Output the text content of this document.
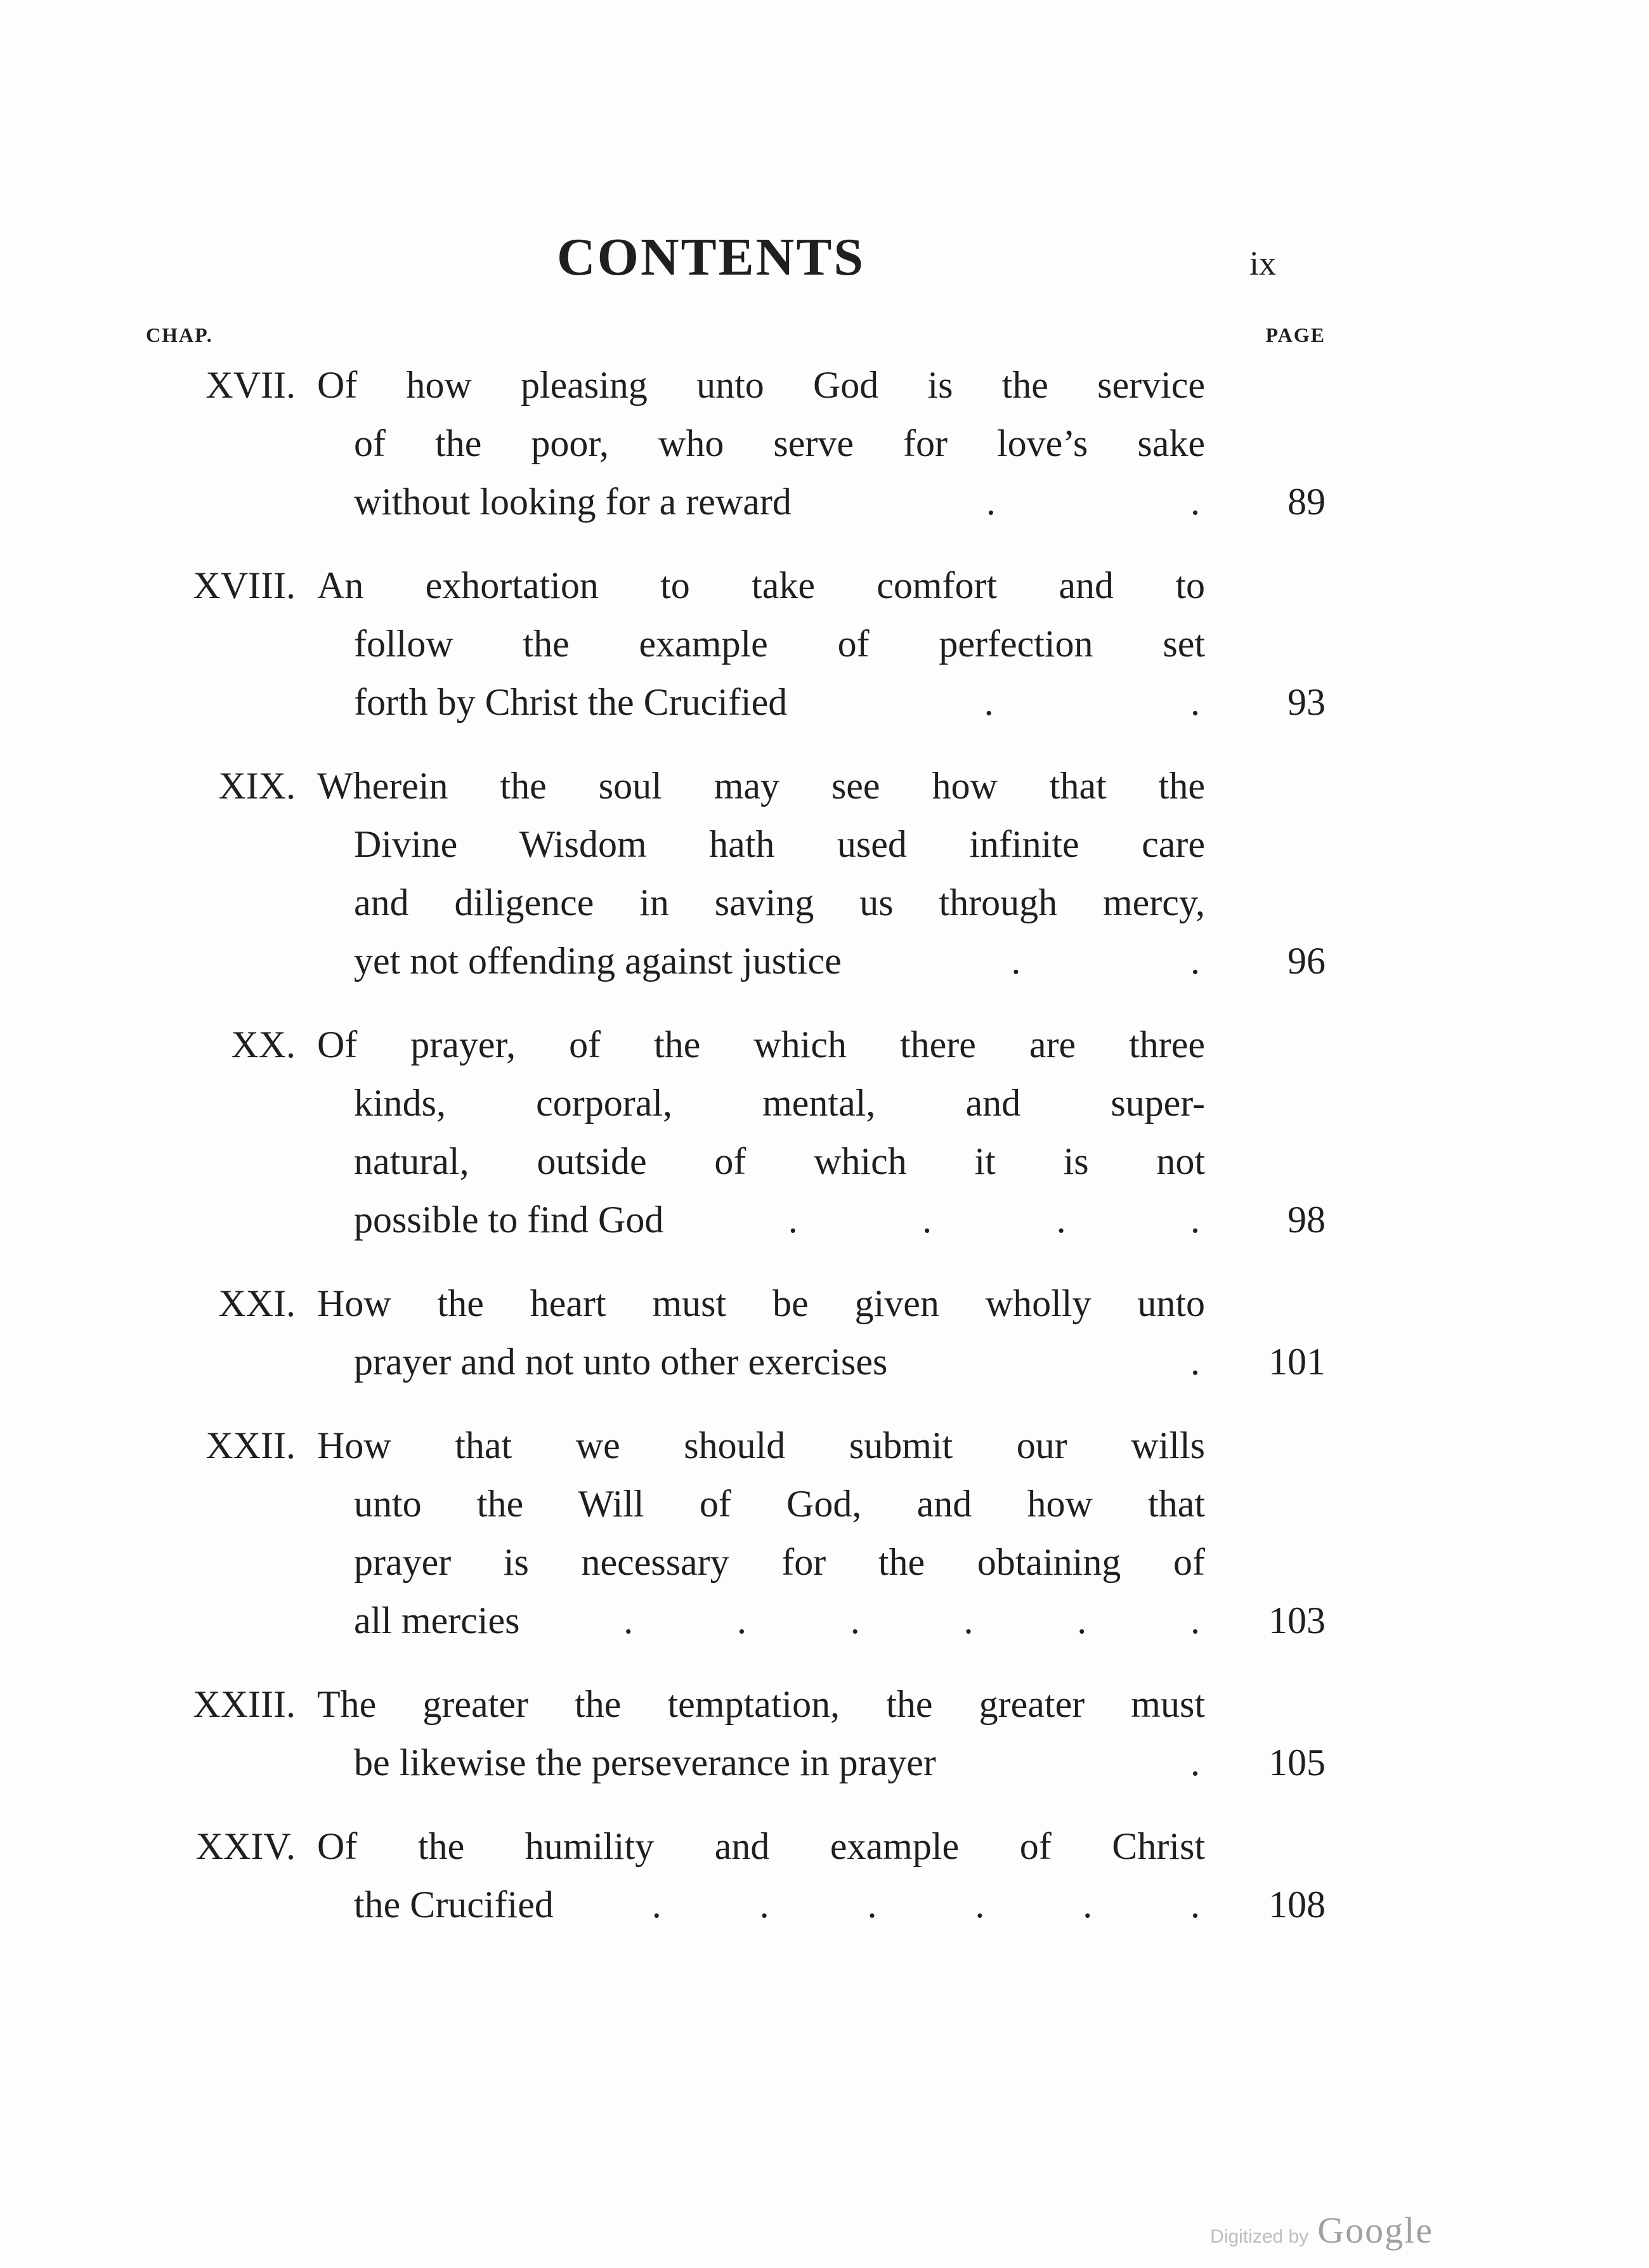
CONTENTS	ix
CHAP.	PAGE
XVII. Of how pleasing unto God is the service
of the poor, who serve for love’s sake
without looking for a reward	.	.	89
XVIII. An exhortation to take comfort and to
follow the example of perfection set
forth by Christ the Crucified	.	.	93
XIX. Wherein the soul may see how that the
Divine Wisdom hath used infinite care
and diligence in saving us through mercy,
yet not offending against justice	.	.	96
XX. Of prayer, of the which there are three
kinds, corporal, mental, and super-
natural, outside of which it is not
possible to find God	.	.	.	.	98
XXI. How the heart must be given wholly unto
prayer and not unto other exercises	.	101
XXII. How that we should submit our wills
unto the Will of God, and how that
prayer is necessary for the obtaining of
all mercies	.	.	.	.	.	.	103
XXIII. The greater the temptation, the greater must
be likewise the perseverance in prayer	.	105
XXIV. Of the humility and example of Christ
the Crucified	.	.	.	.	.	.	108
Digitized by Google
